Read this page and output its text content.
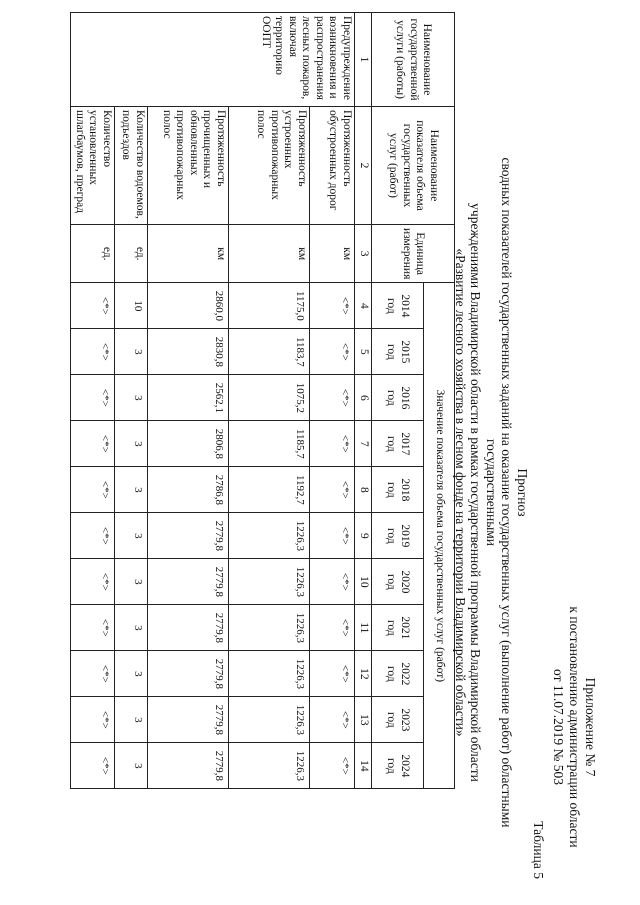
Приложение № 7
к постановлению администрации области
от 11.07.2019 № 503
Таблица 5
Прогноз
сводных показателей государственных заданий на оказание государственных услуг (выполнение работ) областными государственными
учреждениями Владимирской области в рамках государственной программы Владимирской области
«Развитие лесного хозяйства в лесном фонде на территории Владимирской области»
Наименование государственной услуги (работы)	Наименование показателя объема государственных услуг (работ)	Единица измерения	Значение показателя объема государственных услуг (работ)										
			2014 год	2015 год	2016 год	2017 год	2018 год	2019 год	2020 год	2021 год	2022 год	2023 год	2024 год
1	2	3	4	5	6	7	8	9	10	11	12	13	14
Предупреждение возникновения и распространения лесных пожаров, включая территорию ООПТ	Протяженность обустроенных дорог	км	<*>	<*>	<*>	<*>	<*>	<*>	<*>	<*>	<*>	<*>	<*>
	Протяженность устроенных противопожарных полос	км	1175,0	1183,7	1075,2	1185,7	1192,7	1226,3	1226,3	1226,3	1226,3	1226,3	1226,3
	Протяженность прочищенных и обновленных противопожарных полос	км	2860,0	2830,8	2562,1	2806,8	2786,8	2779,8	2779,8	2779,8	2779,8	2779,8	2779,8
	Количество водоемов, подъездов	ед.	10	3	3	3	3	3	3	3	3	3	3
	Количество установленных шлагбаумов, преград	ед.	<*>	<*>	<*>	<*>	<*>	<*>	<*>	<*>	<*>	<*>	<*>
